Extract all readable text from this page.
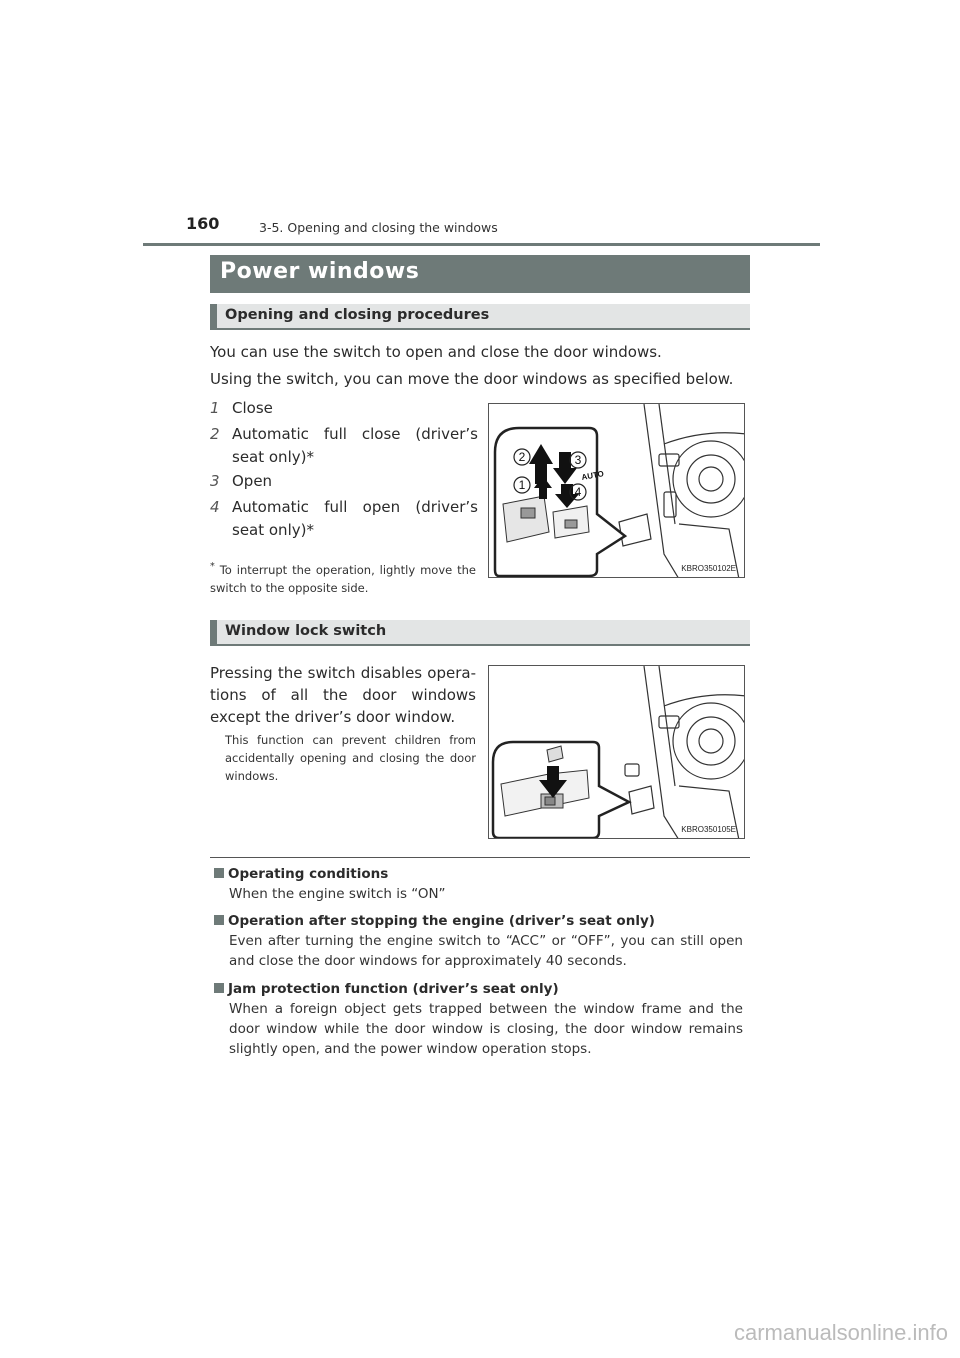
160	3-5. Opening and closing the windows
Power windows
Opening and closing procedures
You can use the switch to open and close the door windows.
Using the switch, you can move the door windows as specified below.
1 Close
2 Automatic full close (driver’s seat only)*
3 Open
4 Automatic full open (driver’s seat only)*
* To interrupt the operation, lightly move the switch to the opposite side.
2	3
1	4
AUTO
KBRO350102E
Window lock switch
Pressing the switch disables opera-tions of all the door windows except the driver’s door window.
This function can prevent children from accidentally opening and closing the door windows.
KBRO350105E
Operating conditions
When the engine switch is “ON”
Operation after stopping the engine (driver’s seat only)
Even after turning the engine switch to “ACC” or “OFF”, you can still open and close the door windows for approximately 40 seconds.
Jam protection function (driver’s seat only)
When a foreign object gets trapped between the window frame and the door window while the door window is closing, the door window remains slightly open, and the power window operation stops.
carmanualsonline.info
